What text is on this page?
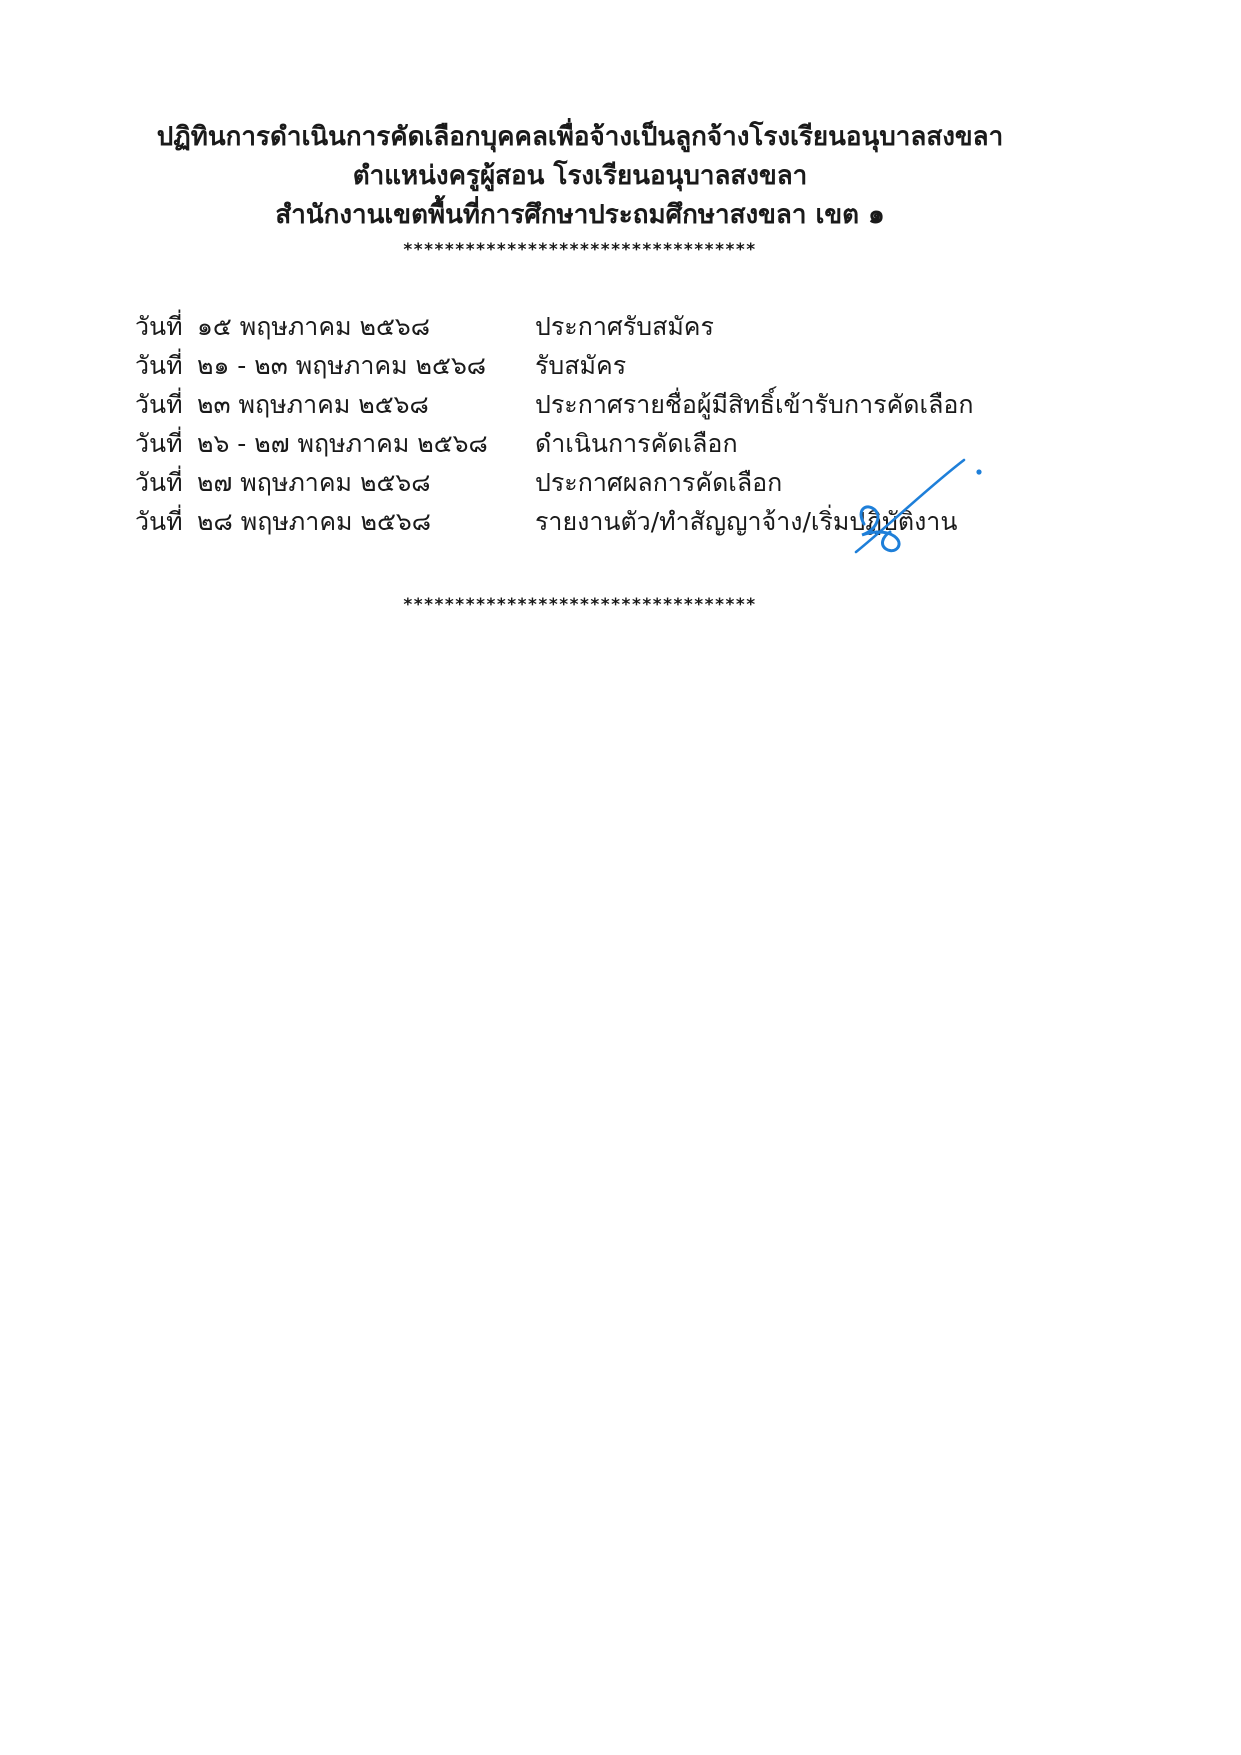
ปฏิทินการดำเนินการคัดเลือกบุคคลเพื่อจ้างเป็นลูกจ้างโรงเรียนอนุบาลสงขลา
ตำแหน่งครูผู้สอน โรงเรียนอนุบาลสงขลา
สำนักงานเขตพื้นที่การศึกษาประถมศึกษาสงขลา เขต ๑
**********************************
วันที่ ๑๕ พฤษภาคม ๒๕๖๘	ประกาศรับสมัคร
วันที่ ๒๑ - ๒๓ พฤษภาคม ๒๕๖๘	รับสมัคร
วันที่ ๒๓ พฤษภาคม ๒๕๖๘	ประกาศรายชื่อผู้มีสิทธิ์เข้ารับการคัดเลือก
วันที่ ๒๖ - ๒๗ พฤษภาคม ๒๕๖๘	ดำเนินการคัดเลือก
วันที่ ๒๗ พฤษภาคม ๒๕๖๘	ประกาศผลการคัดเลือก
วันที่ ๒๘ พฤษภาคม ๒๕๖๘	รายงานตัว/ทำสัญญาจ้าง/เริ่มปฏิบัติงาน
**********************************
